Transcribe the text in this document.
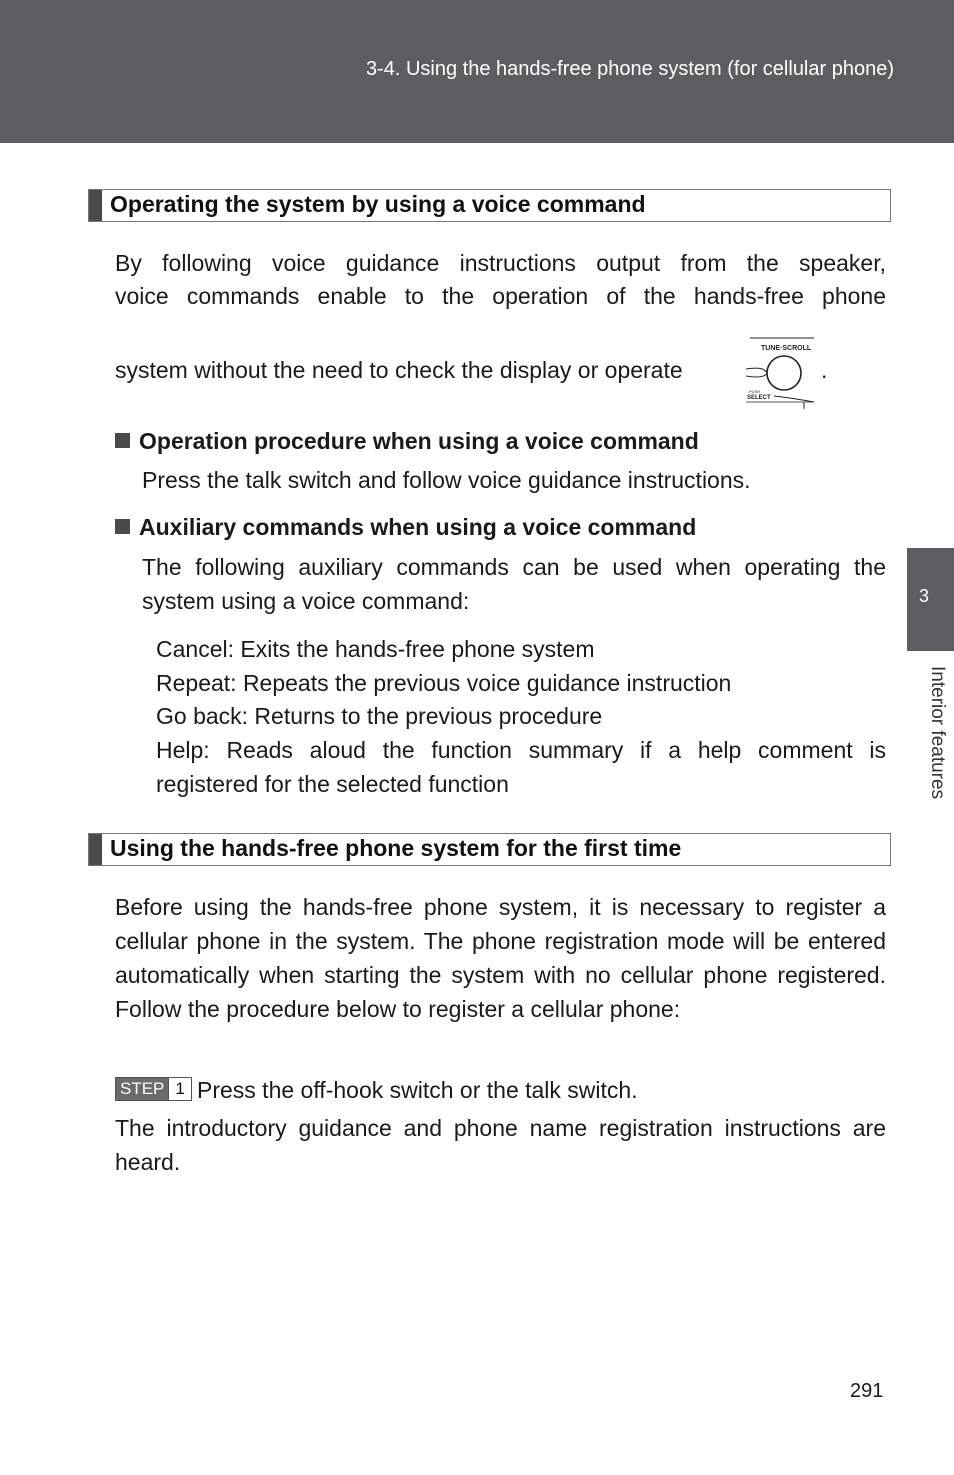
3-4. Using the hands-free phone system (for cellular phone)
3
Interior features
Operating the system by using a voice command

By following voice guidance instructions output from the speaker,

voice commands enable to the operation of the hands-free phone

system without the need to check the display or operate

TUNE·SCROLL
PUSH
SELECT
.
Operation procedure when using a voice command

Press the talk switch and follow voice guidance instructions.

Auxiliary commands when using a voice command

The following auxiliary commands can be used when operating the

system using a voice command:

Cancel: Exits the hands-free phone system

Repeat: Repeats the previous voice guidance instruction

Go back: Returns to the previous procedure

Help: Reads aloud the function summary if a help comment is

registered for the selected function

Using the hands-free phone system for the first time

Before using the hands-free phone system, it is necessary to register a cellular phone in the system. The phone registration mode will be entered automatically when starting the system with no cellular phone registered. Follow the procedure below to register a cellular phone:

STEP 1 Press the off-hook switch or the talk switch.

The introductory guidance and phone name registration instructions are heard.

291
